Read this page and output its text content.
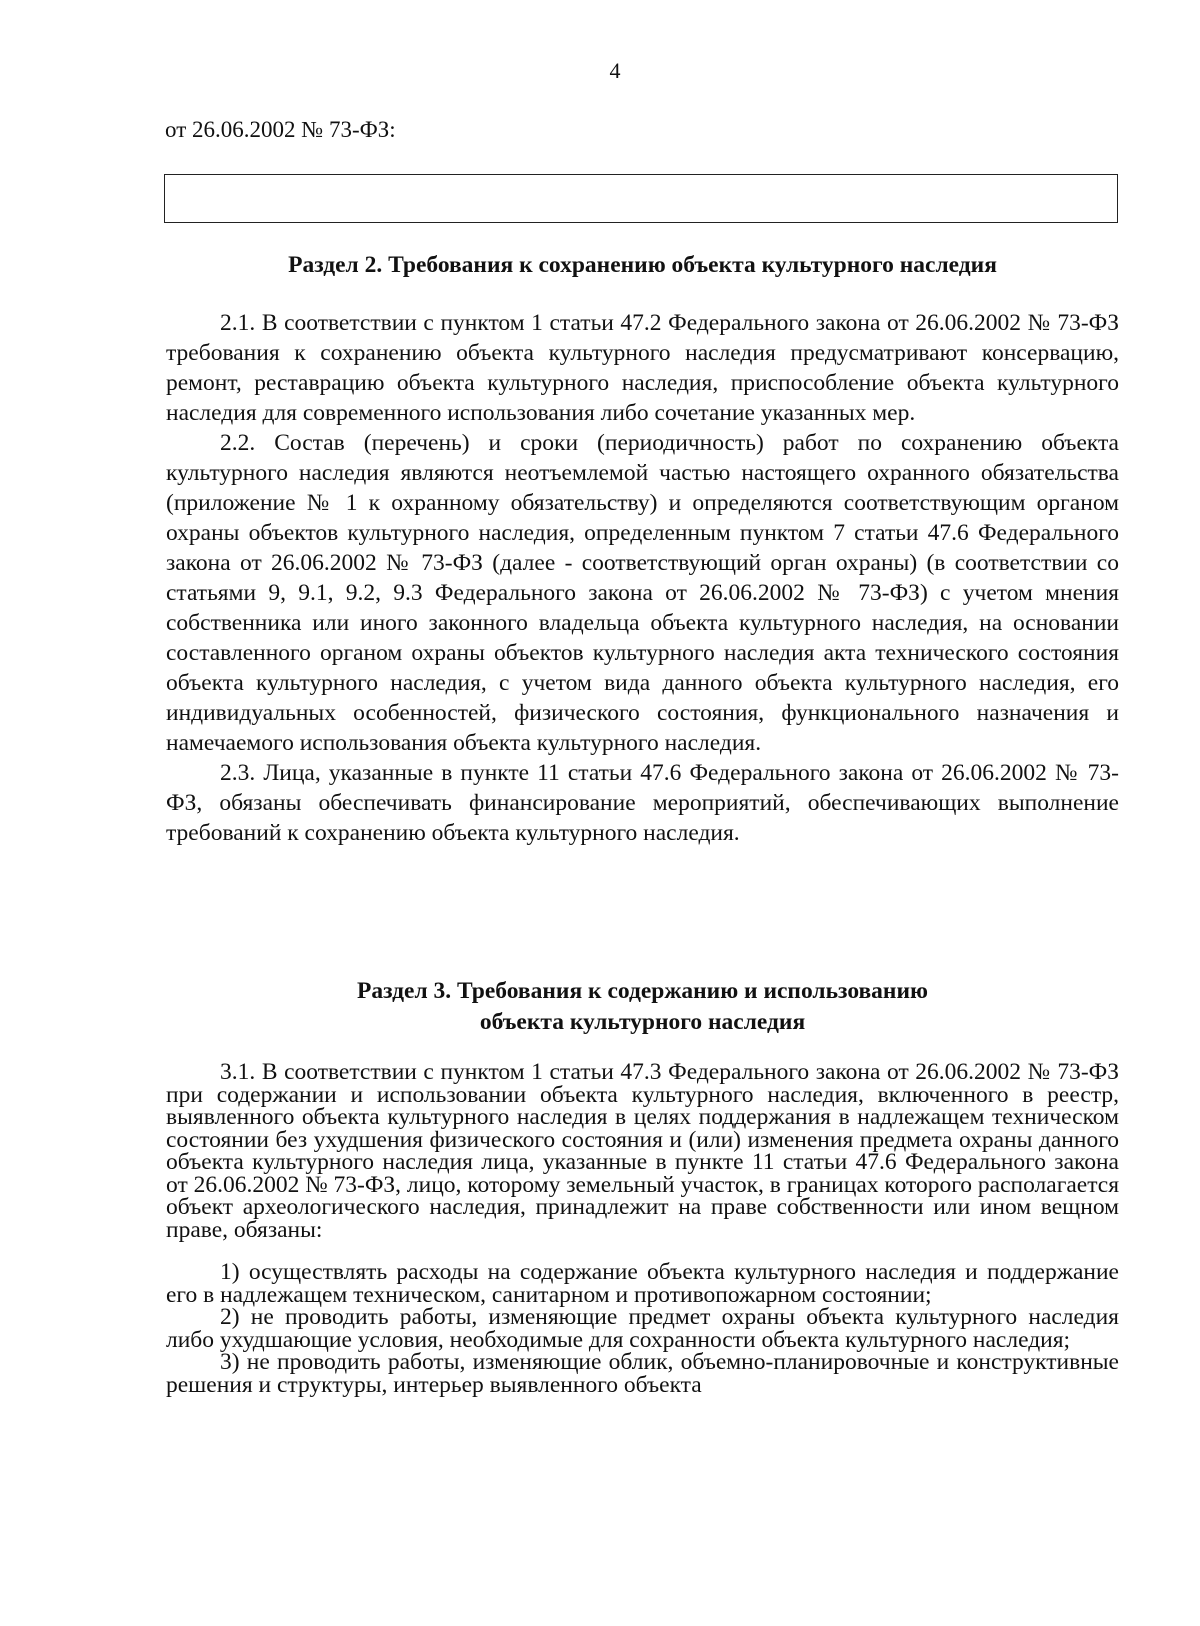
4
от 26.06.2002 № 73-ФЗ:
Раздел 2. Требования к сохранению объекта культурного наследия

2.1. В соответствии с пунктом 1 статьи 47.2 Федерального закона от 26.06.2002 № 73-ФЗ требования к сохранению объекта культурного наследия предусматривают консервацию, ремонт, реставрацию объекта культурного наследия, приспособление объекта культурного наследия для современного использования либо сочетание указанных мер.

2.2. Состав (перечень) и сроки (периодичность) работ по сохранению объекта культурного наследия являются неотъемлемой частью настоящего охранного обязательства (приложение № 1 к охранному обязательству) и определяются соответствующим органом охраны объектов культурного наследия, определенным пунктом 7 статьи 47.6 Федерального закона от 26.06.2002 № 73-ФЗ (далее - соответствующий орган охраны) (в соответствии со статьями 9, 9.1, 9.2, 9.3 Федерального закона от 26.06.2002 № 73-ФЗ) с учетом мнения собственника или иного законного владельца объекта культурного наследия, на основании составленного органом охраны объектов культурного наследия акта технического состояния объекта культурного наследия, с учетом вида данного объекта культурного наследия, его индивидуальных особенностей, физического состояния, функционального назначения и намечаемого использования объекта культурного наследия.

2.3. Лица, указанные в пункте 11 статьи 47.6 Федерального закона от 26.06.2002 № 73-ФЗ, обязаны обеспечивать финансирование мероприятий, обеспечивающих выполнение требований к сохранению объекта культурного наследия.

Раздел 3. Требования к содержанию и использованию
объекта культурного наследия

3.1. В соответствии с пунктом 1 статьи 47.3 Федерального закона от 26.06.2002 № 73-ФЗ при содержании и использовании объекта культурного наследия, включенного в реестр, выявленного объекта культурного наследия в целях поддержания в надлежащем техническом состоянии без ухудшения физического состояния и (или) изменения предмета охраны данного объекта культурного наследия лица, указанные в пункте 11 статьи 47.6 Федерального закона от 26.06.2002 № 73-ФЗ, лицо, которому земельный участок, в границах которого располагается объект археологического наследия, принадлежит на праве собственности или ином вещном праве, обязаны:

1) осуществлять расходы на содержание объекта культурного наследия и поддержание его в надлежащем техническом, санитарном и противопожарном состоянии;

2) не проводить работы, изменяющие предмет охраны объекта культурного наследия либо ухудшающие условия, необходимые для сохранности объекта культурного наследия;

3) не проводить работы, изменяющие облик, объемно-планировочные и конструктивные решения и структуры, интерьер выявленного объекта
